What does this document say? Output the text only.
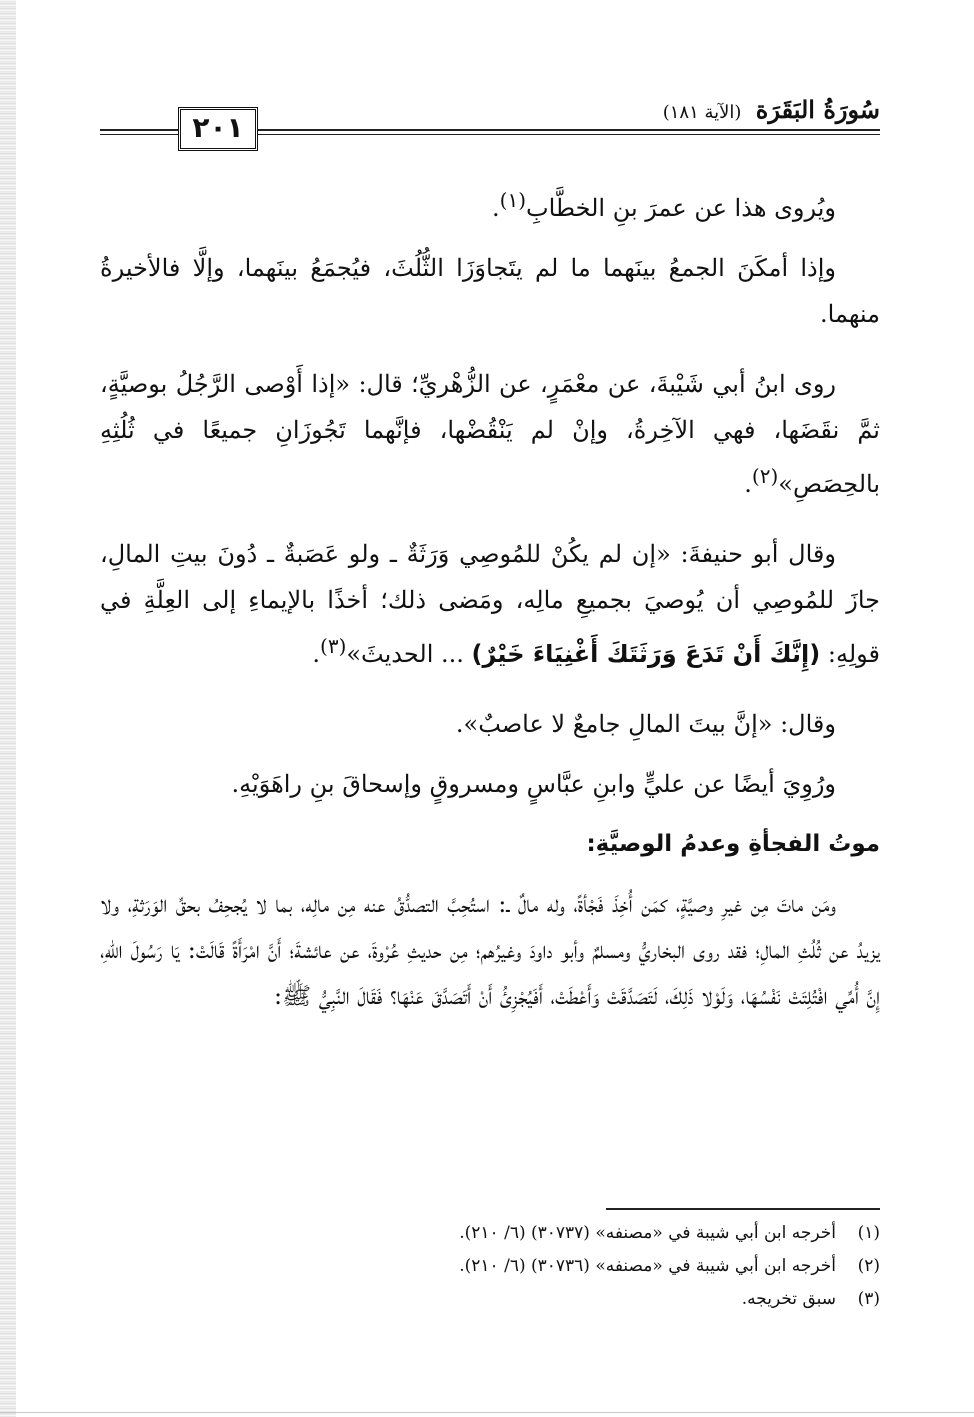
٢٠١
سُورَةُ البَقَرَة (الآية ١٨١)

ويُروى هذا عن عمرَ بنِ الخطَّابِ$^{(١)}$.

وإذا أمكَنَ الجمعُ بينَهما ما لم يتَجاوَزَا الثُّلُثَ، فيُجمَعُ بينَهما، وإلَّا فالأخيرةُ منهما.

روى ابنُ أبي شَيْبةَ، عن معْمَرٍ، عن الزُّهْريِّ؛ قال: «إذا أَوْصى الرَّجُلُ بوصيَّةٍ، ثمَّ نقَضَها، فهي الآخِرةُ، وإنْ لم يَنْقُضْها، فإنَّهما تَجُوزَانِ جميعًا في ثُلُثِهِ بالحِصَصِ»$^{(٢)}$.

وقال أبو حنيفةَ: «إن لم يكُنْ للمُوصِي وَرَثَةٌ ـ ولو عَصَبةٌ ـ دُونَ بيتِ المالِ، جازَ للمُوصِي أن يُوصيَ بجميعِ مالِه، ومَضى ذلك؛ أخذًا بالإيماءِ إلى العِلَّةِ في قولِهِ: (إِنَّكَ أَنْ تَدَعَ وَرَثَتَكَ أَغْنِيَاءَ خَيْرٌ) ... الحديثَ»$^{(٣)}$.

وقال: «إنَّ بيتَ المالِ جامعٌ لا عاصبٌ».

ورُوِيَ أيضًا عن عليٍّ وابنِ عبَّاسٍ ومسروقٍ وإسحاقَ بنِ راهَوَيْهِ.

موتُ الفجأةِ وعدمُ الوصيَّةِ:

ومَن ماتَ مِن غيرِ وصيَّةٍ، كمَن أُخِذَ فَجْأةً، وله مالٌ ـ: استُحِبَّ التصدُّقُ عنه مِن مالِه، بما لا يُجحِفُ بحقِّ الوَرَثةِ، ولا يزيدُ عن ثُلُثِ المالِ؛ فقد روى البخاريُّ ومسلمٌ وأبو داودَ وغيرُهم؛ مِن حديثِ عُرْوةَ، عن عائشةَ؛ أَنَّ امْرَأَةً قَالَتْ: يَا رَسُولَ اللهِ، إِنَّ أُمِّي افْتُلِتَتْ نَفْسُهَا، وَلَوْلا ذَلِكَ، لَتَصَدَّقَتْ وَأَعْطَتْ، أَفَيُجْزِئُ أَنْ أَتَصَدَّقَ عَنْهَا؟ فَقَالَ النَّبِيُّ ﷺ:

(١)أخرجه ابن أبي شيبة في «مصنفه» (٣٠٧٣٧) (٦/ ٢١٠).
(٢)أخرجه ابن أبي شيبة في «مصنفه» (٣٠٧٣٦) (٦/ ٢١٠).
(٣)سبق تخريجه.
